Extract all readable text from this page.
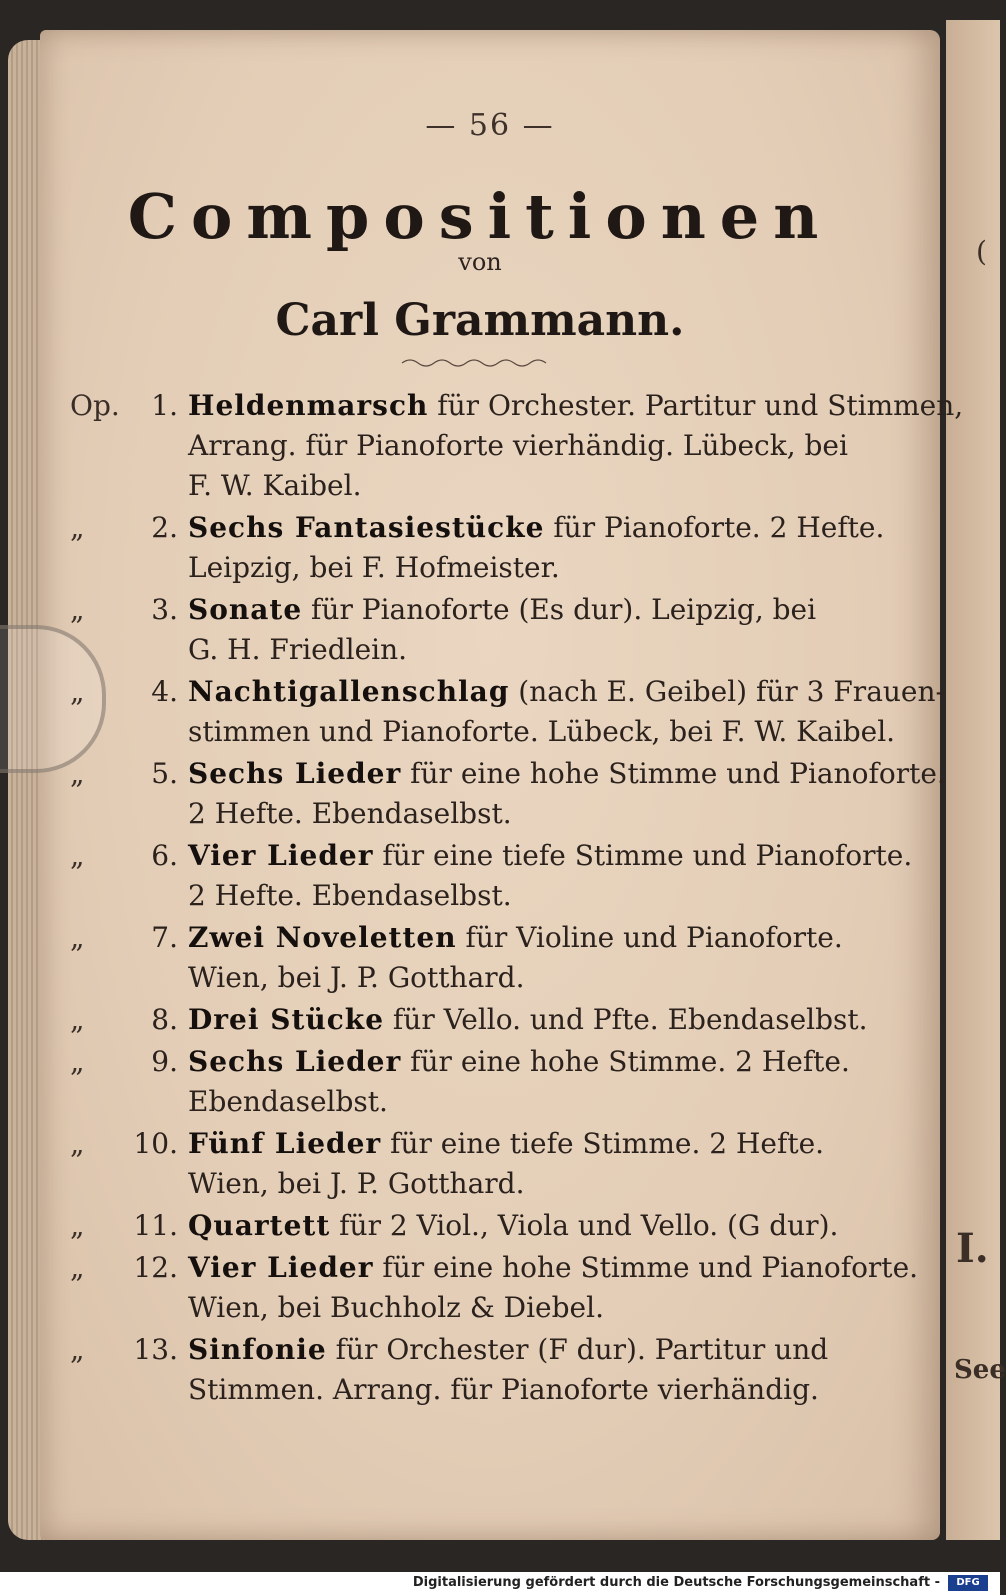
(
I.
See
— 56 —
Compositionen
von
Carl Grammann.
Op.	1. Heldenmarsch für Orchester. Partitur und Stimmen,
Arrang. für Pianoforte vierhändig. Lübeck, bei
F. W. Kaibel.
„	2. Sechs Fantasiestücke für Pianoforte. 2 Hefte.
Leipzig, bei F. Hofmeister.
„	3. Sonate für Pianoforte (Es dur). Leipzig, bei
G. H. Friedlein.
„	4. Nachtigallenschlag (nach E. Geibel) für 3 Frauen-
stimmen und Pianoforte. Lübeck, bei F. W. Kaibel.
„	5. Sechs Lieder für eine hohe Stimme und Pianoforte.
2 Hefte. Ebendaselbst.
„	6. Vier Lieder für eine tiefe Stimme und Pianoforte.
2 Hefte. Ebendaselbst.
„	7. Zwei Noveletten für Violine und Pianoforte.
Wien, bei J. P. Gotthard.
„	8. Drei Stücke für Vello. und Pfte. Ebendaselbst.
„	9. Sechs Lieder für eine hohe Stimme. 2 Hefte.
Ebendaselbst.
„	10. Fünf Lieder für eine tiefe Stimme. 2 Hefte.
Wien, bei J. P. Gotthard.
„	11. Quartett für 2 Viol., Viola und Vello. (G dur).
„	12. Vier Lieder für eine hohe Stimme und Pianoforte.
Wien, bei Buchholz & Diebel.
„	13. Sinfonie für Orchester (F dur). Partitur und
Stimmen. Arrang. für Pianoforte vierhändig.
Digitalisierung gefördert durch die Deutsche Forschungsgemeinschaft -	DFG
